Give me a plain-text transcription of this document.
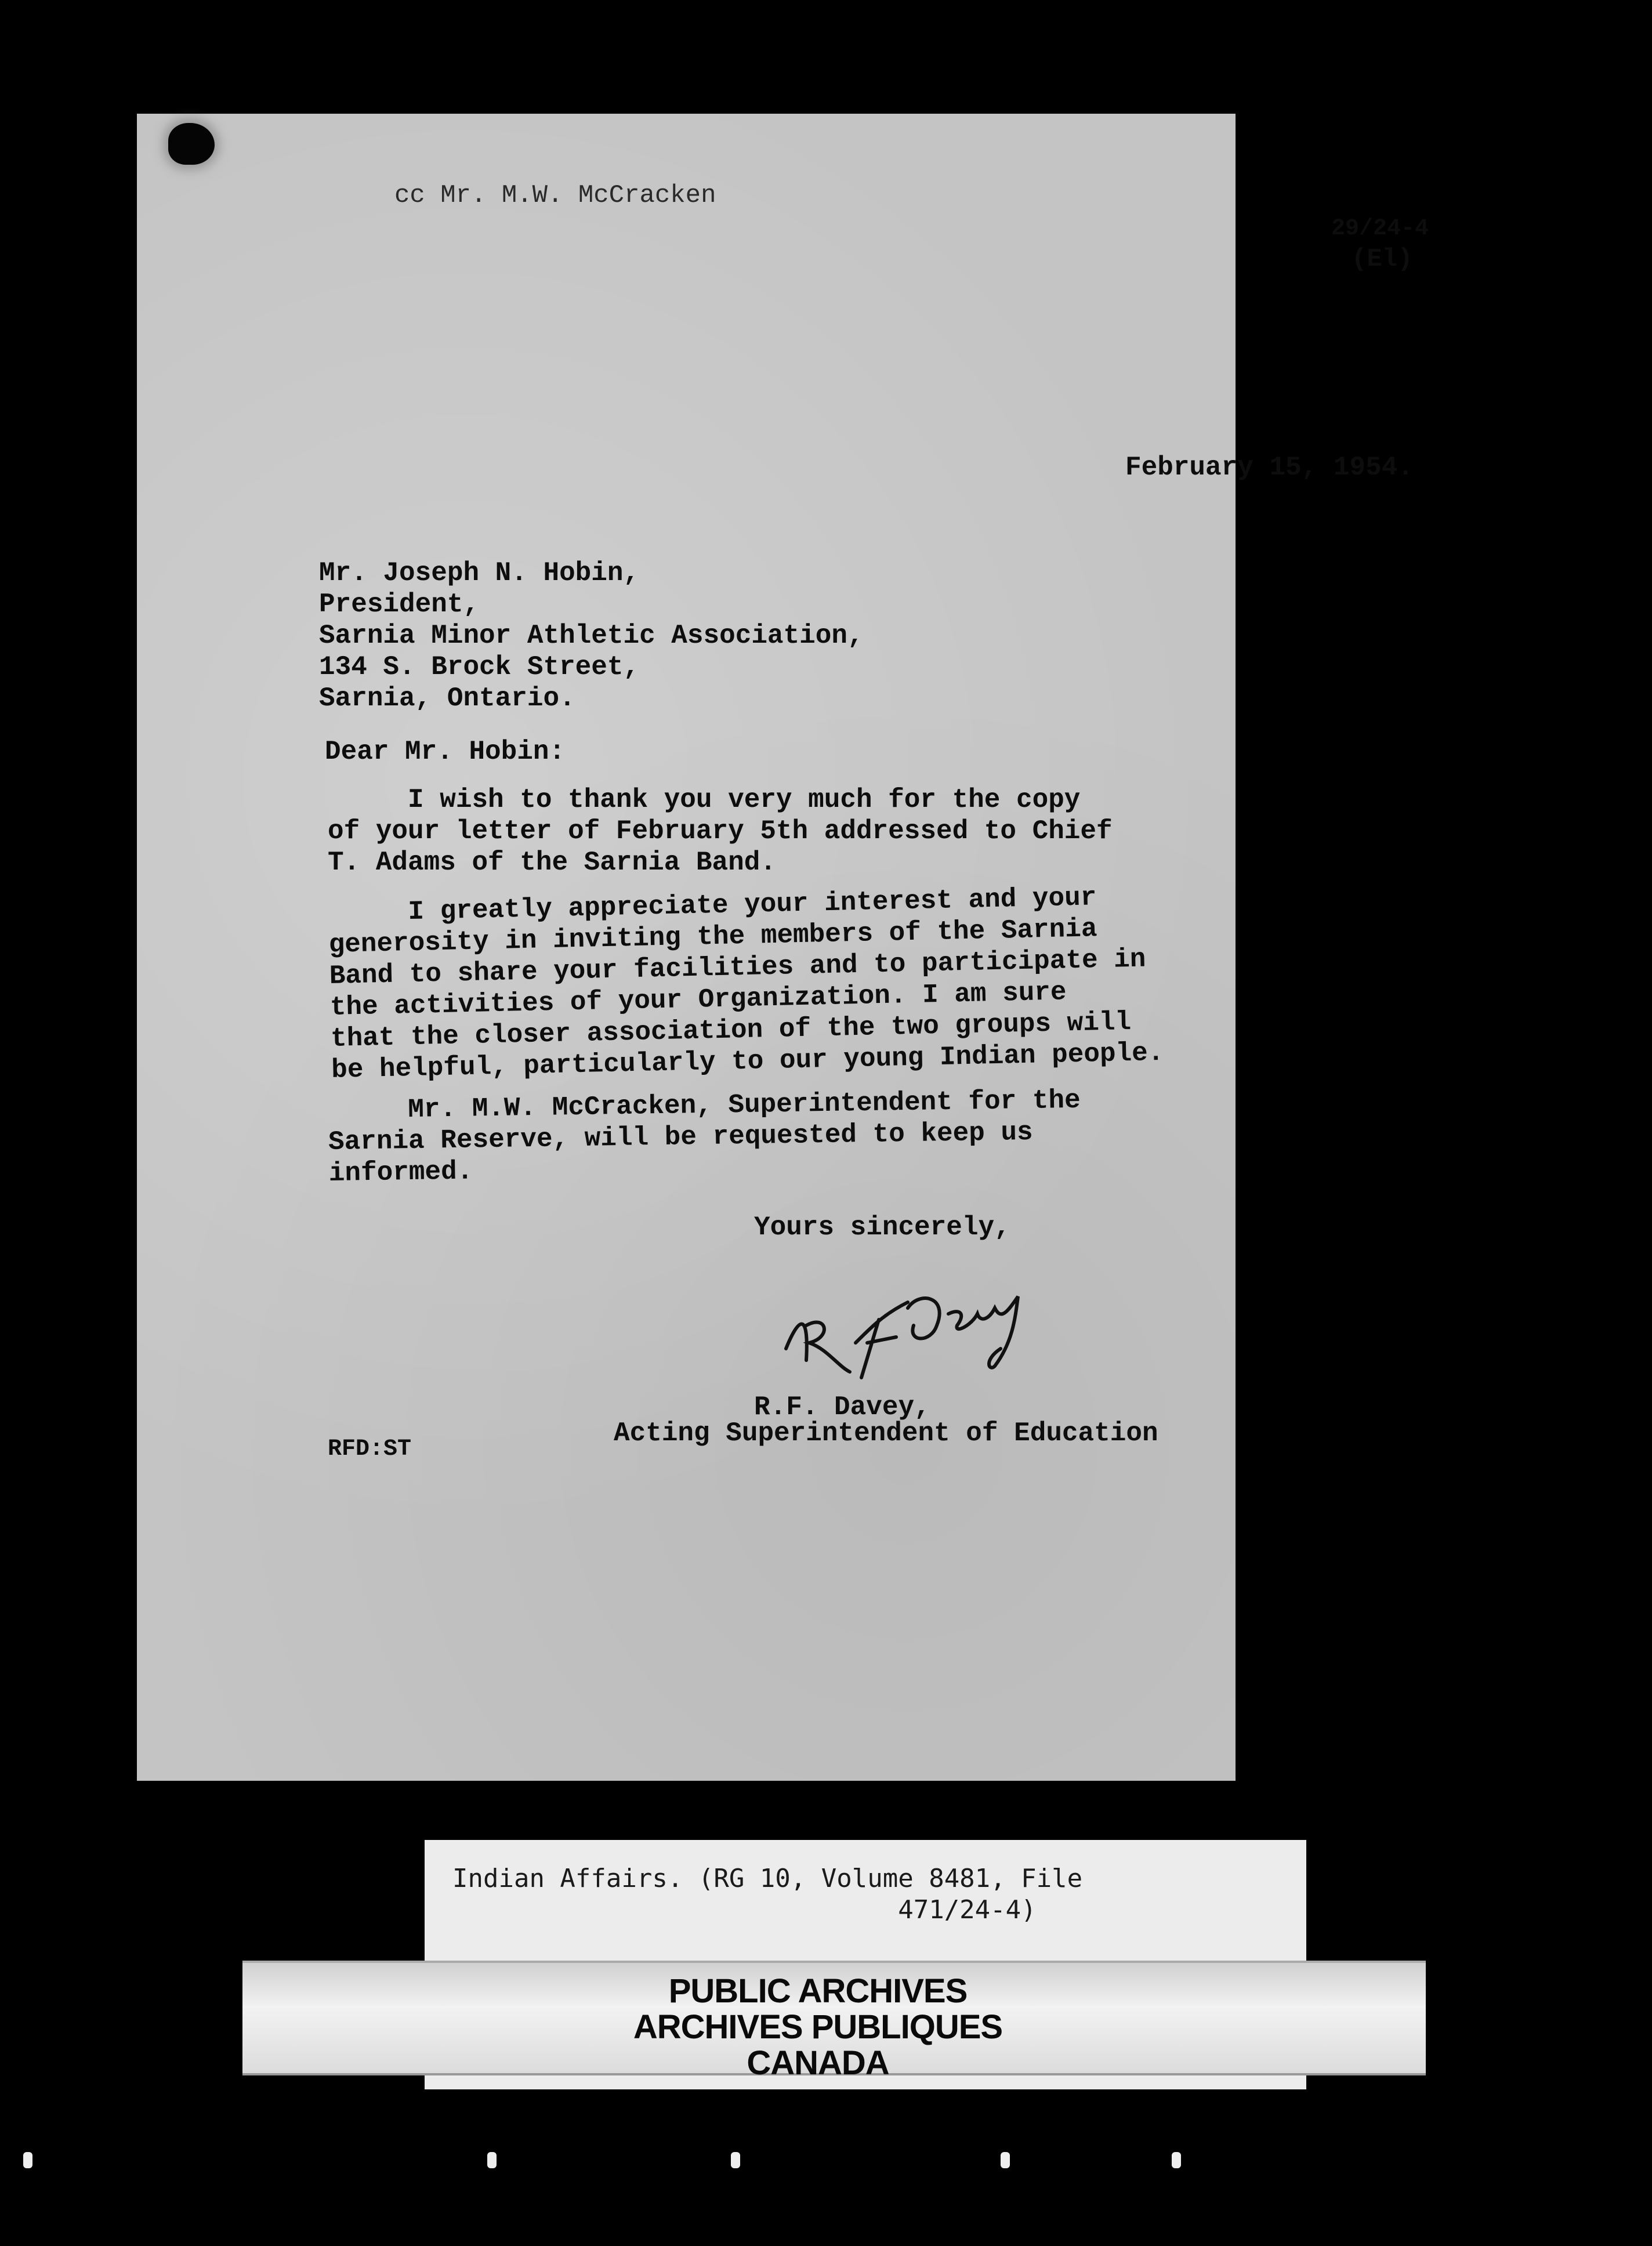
cc Mr. M.W. McCracken
29/24-4
(El)
February 15, 1954.
Mr. Joseph N. Hobin,
President,
Sarnia Minor Athletic Association,
134 S. Brock Street,
Sarnia, Ontario.
Dear Mr. Hobin:
I wish to thank you very much for the copy
of your letter of February 5th addressed to Chief
T. Adams of the Sarnia Band.
I greatly appreciate your interest and your
generosity in inviting the members of the Sarnia
Band to share your facilities and to participate in
the activities of your Organization. I am sure
that the closer association of the two groups will
be helpful, particularly to our young Indian people.
Mr. M.W. McCracken, Superintendent for the
Sarnia Reserve, will be requested to keep us
informed.
Yours sincerely,
R.F. Davey,
Acting Superintendent of Education
RFD:ST
Indian Affairs. (RG 10, Volume 8481, File
471/24-4)
PUBLIC ARCHIVES
ARCHIVES PUBLIQUES
CANADA
